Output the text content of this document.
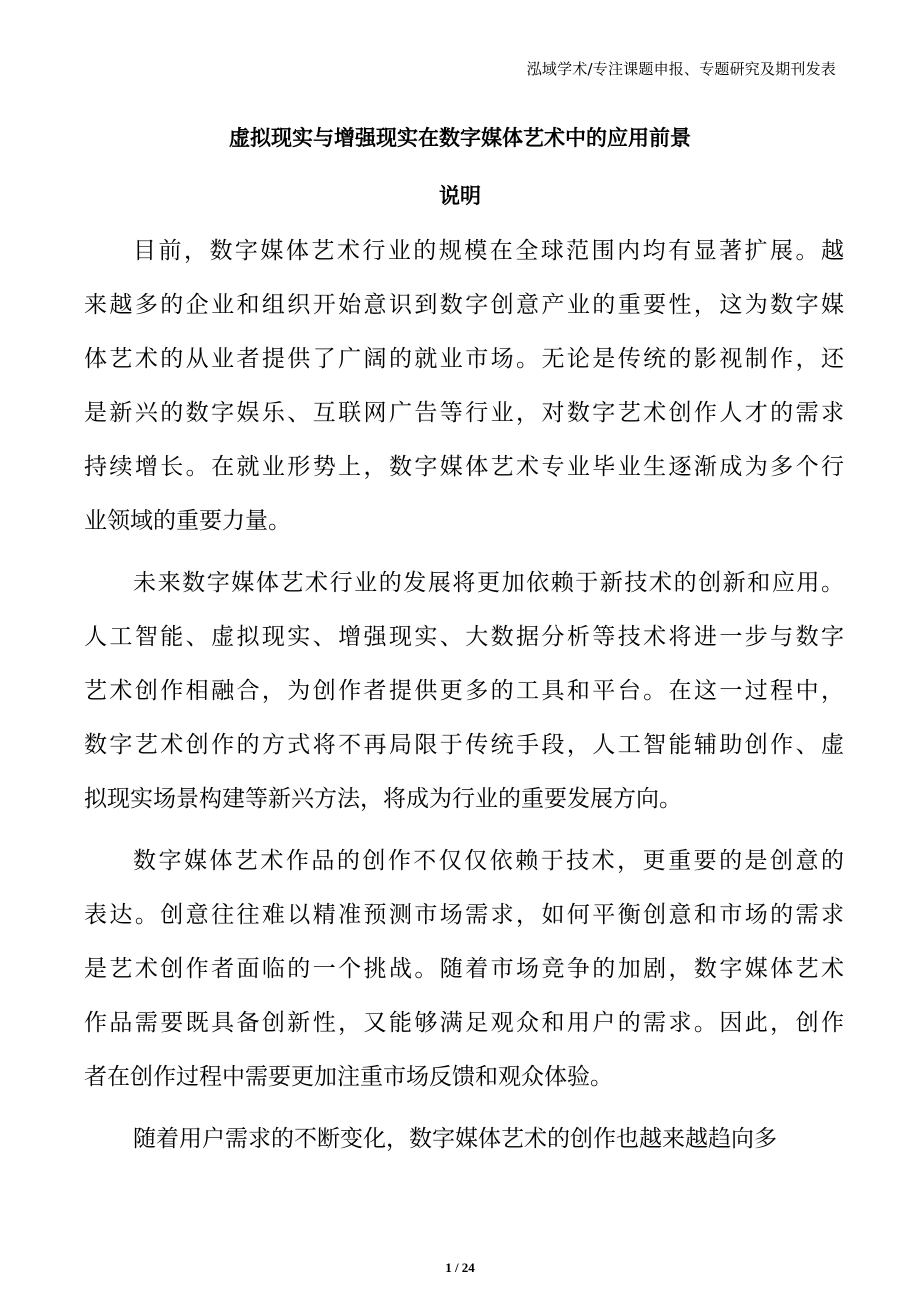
泓域学术/专注课题申报、专题研究及期刊发表
虚拟现实与增强现实在数字媒体艺术中的应用前景
说明
目前，数字媒体艺术行业的规模在全球范围内均有显著扩展。越
来越多的企业和组织开始意识到数字创意产业的重要性，这为数字媒
体艺术的从业者提供了广阔的就业市场。无论是传统的影视制作，还
是新兴的数字娱乐、互联网广告等行业，对数字艺术创作人才的需求
持续增长。在就业形势上，数字媒体艺术专业毕业生逐渐成为多个行
业领域的重要力量。
未来数字媒体艺术行业的发展将更加依赖于新技术的创新和应用。
人工智能、虚拟现实、增强现实、大数据分析等技术将进一步与数字
艺术创作相融合，为创作者提供更多的工具和平台。在这一过程中，
数字艺术创作的方式将不再局限于传统手段，人工智能辅助创作、虚
拟现实场景构建等新兴方法，将成为行业的重要发展方向。
数字媒体艺术作品的创作不仅仅依赖于技术，更重要的是创意的
表达。创意往往难以精准预测市场需求，如何平衡创意和市场的需求
是艺术创作者面临的一个挑战。随着市场竞争的加剧，数字媒体艺术
作品需要既具备创新性，又能够满足观众和用户的需求。因此，创作
者在创作过程中需要更加注重市场反馈和观众体验。
随着用户需求的不断变化，数字媒体艺术的创作也越来越趋向多
1 / 24
